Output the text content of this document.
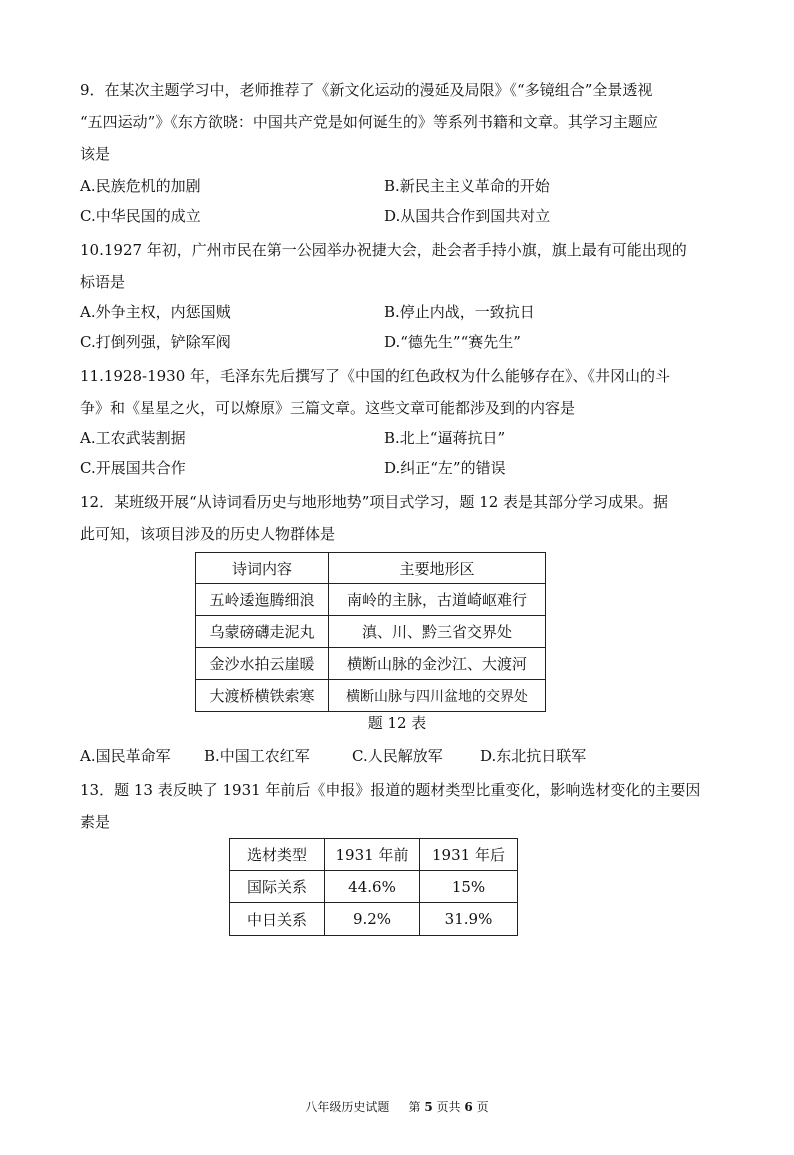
9．在某次主题学习中，老师推荐了《新文化运动的漫延及局限》《“多镜组合”全景透视

“五四运动”》《东方欲晓：中国共产党是如何诞生的》等系列书籍和文章。其学习主题应

该是

A.民族危机的加剧	B.新民主主义革命的开始
C.中华民国的成立	D.从国共合作到国共对立

10.1927 年初，广州市民在第一公园举办祝捷大会，赴会者手持小旗，旗上最有可能出现的

标语是

A.外争主权，内惩国贼	B.停止内战，一致抗日
C.打倒列强，铲除军阀	D.“德先生”“赛先生”

11.1928-1930 年，毛泽东先后撰写了《中国的红色政权为什么能够存在》、《井冈山的斗

争》和《星星之火，可以燎原》三篇文章。这些文章可能都涉及到的内容是

A.工农武装割据	B.北上“逼蒋抗日”
C.开展国共合作	D.纠正“左”的错误

12．某班级开展“从诗词看历史与地形地势”项目式学习，题 12 表是其部分学习成果。据

此可知，该项目涉及的历史人物群体是

诗词内容	主要地形区
五岭逶迤腾细浪	南岭的主脉，古道崎岖难行
乌蒙磅礴走泥丸	滇、川、黔三省交界处
金沙水拍云崖暖	横断山脉的金沙江、大渡河
大渡桥横铁索寒	横断山脉与四川盆地的交界处
题 12 表
A.国民革命军 B.中国工农红军	C.人民解放军 D.东北抗日联军

13．题 13 表反映了 1931 年前后《申报》报道的题材类型比重变化，影响选材变化的主要因

素是

选材类型	1931 年前	1931 年后
国际关系	44.6%	15%
中日关系	9.2%	31.9%
八年级历史试题 第 5 页共 6 页
